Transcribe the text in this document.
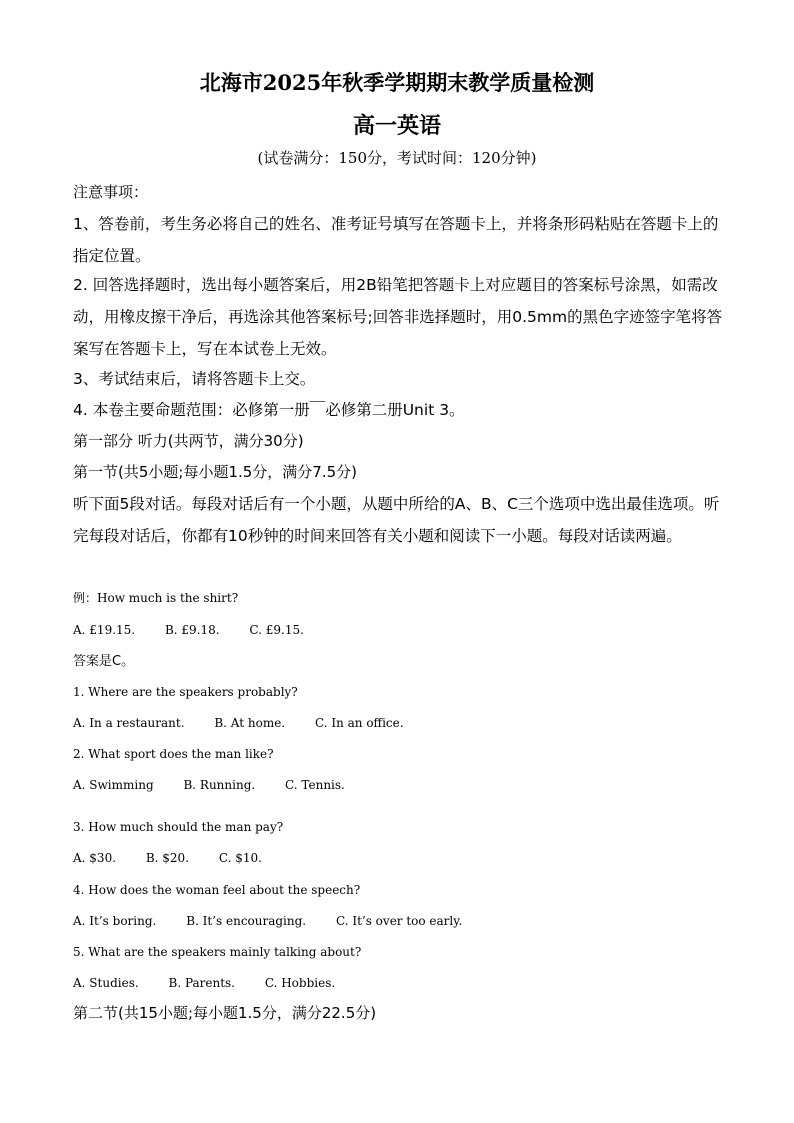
北海市2025年秋季学期期末教学质量检测
高一英语
(试卷满分：150分，考试时间：120分钟)
注意事项：
1、答卷前，考生务必将自己的姓名、准考证号填写在答题卡上，并将条形码粘贴在答题卡上的指定位置。
2. 回答选择题时，选出每小题答案后，用2B铅笔把答题卡上对应题目的答案标号涂黑，如需改动，用橡皮擦干净后，再选涂其他答案标号;回答非选择题时，用0.5mm的黑色字迹签字笔将答案写在答题卡上，写在本试卷上无效。
3、考试结束后，请将答题卡上交。
4. 本卷主要命题范围：必修第一册￣必修第二册Unit 3。
第一部分 听力(共两节，满分30分)
第一节(共5小题;每小题1.5分，满分7.5分)
听下面5段对话。每段对话后有一个小题，从题中所给的A、B、C三个选项中选出最佳选项。听完每段对话后，你都有10秒钟的时间来回答有关小题和阅读下一小题。每段对话读两遍。
例：How much is the shirt?
A. £19.15. B. £9.18. C. £9.15.
答案是C。
1. Where are the speakers probably?
A. In a restaurant. B. At home. C. In an office.
2. What sport does the man like?
A. Swimming B. Running. C. Tennis.
3. How much should the man pay?
A. $30. B. $20. C. $10.
4. How does the woman feel about the speech?
A. It’s boring. B. It’s encouraging. C. It’s over too early.
5. What are the speakers mainly talking about?
A. Studies. B. Parents. C. Hobbies.
第二节(共15小题;每小题1.5分，满分22.5分)
